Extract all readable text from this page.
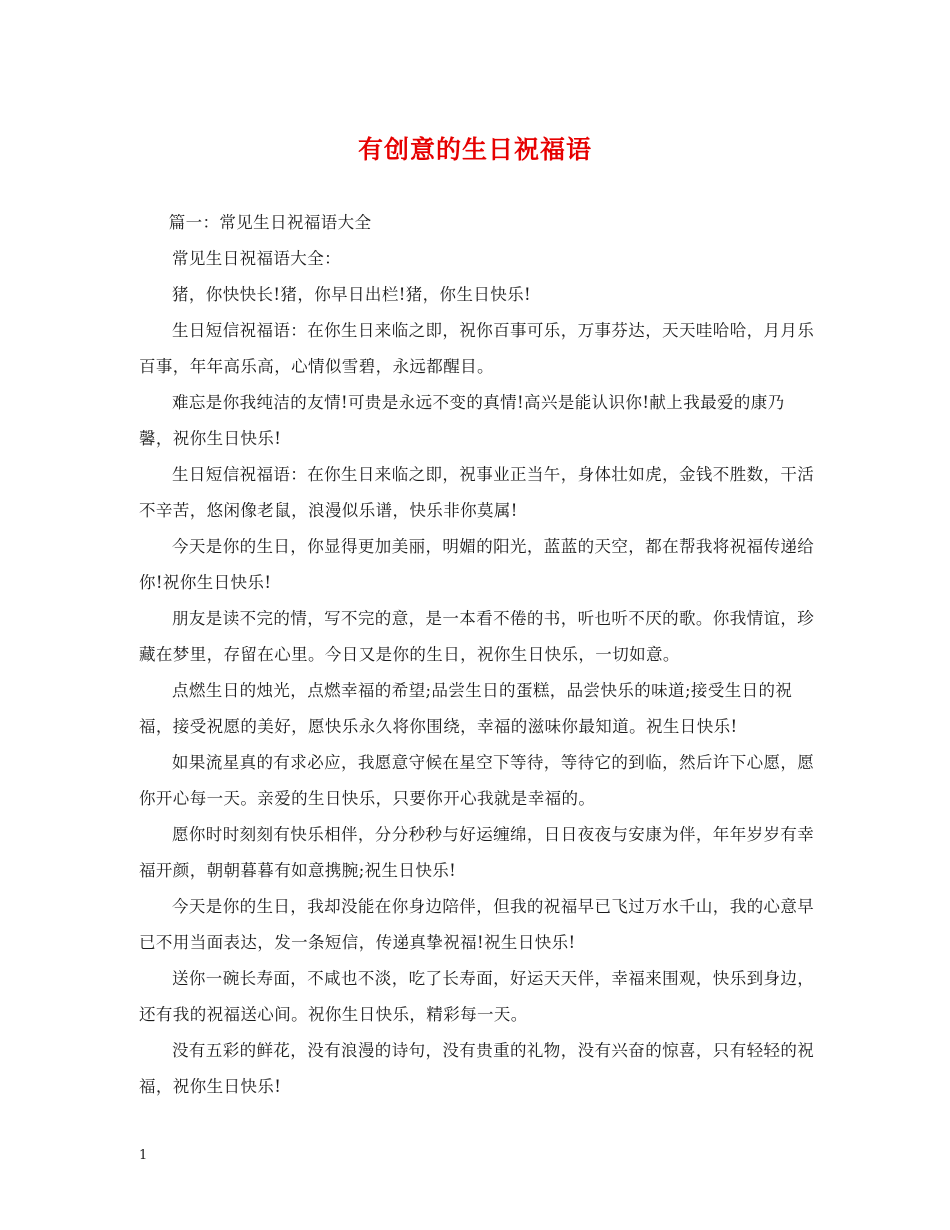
有创意的生日祝福语

篇一：常见生日祝福语大全

常见生日祝福语大全：

猪，你快快长!猪，你早日出栏!猪，你生日快乐!

生日短信祝福语：在你生日来临之即，祝你百事可乐，万事芬达，天天哇哈哈，月月乐百事，年年高乐高，心情似雪碧，永远都醒目。

难忘是你我纯洁的友情!可贵是永远不变的真情!高兴是能认识你!献上我最爱的康乃馨，祝你生日快乐!

生日短信祝福语：在你生日来临之即，祝事业正当午，身体壮如虎，金钱不胜数，干活不辛苦，悠闲像老鼠，浪漫似乐谱，快乐非你莫属!

今天是你的生日，你显得更加美丽，明媚的阳光，蓝蓝的天空，都在帮我将祝福传递给你!祝你生日快乐!

朋友是读不完的情，写不完的意，是一本看不倦的书，听也听不厌的歌。你我情谊，珍藏在梦里，存留在心里。今日又是你的生日，祝你生日快乐，一切如意。

点燃生日的烛光，点燃幸福的希望;品尝生日的蛋糕，品尝快乐的味道;接受生日的祝福，接受祝愿的美好，愿快乐永久将你围绕，幸福的滋味你最知道。祝生日快乐!

如果流星真的有求必应，我愿意守候在星空下等待，等待它的到临，然后许下心愿，愿你开心每一天。亲爱的生日快乐，只要你开心我就是幸福的。

愿你时时刻刻有快乐相伴，分分秒秒与好运缠绵，日日夜夜与安康为伴，年年岁岁有幸福开颜，朝朝暮暮有如意携腕;祝生日快乐!

今天是你的生日，我却没能在你身边陪伴，但我的祝福早已飞过万水千山，我的心意早已不用当面表达，发一条短信，传递真挚祝福!祝生日快乐!

送你一碗长寿面，不咸也不淡，吃了长寿面，好运天天伴，幸福来围观，快乐到身边，还有我的祝福送心间。祝你生日快乐，精彩每一天。

没有五彩的鲜花，没有浪漫的诗句，没有贵重的礼物，没有兴奋的惊喜，只有轻轻的祝福，祝你生日快乐!

1
